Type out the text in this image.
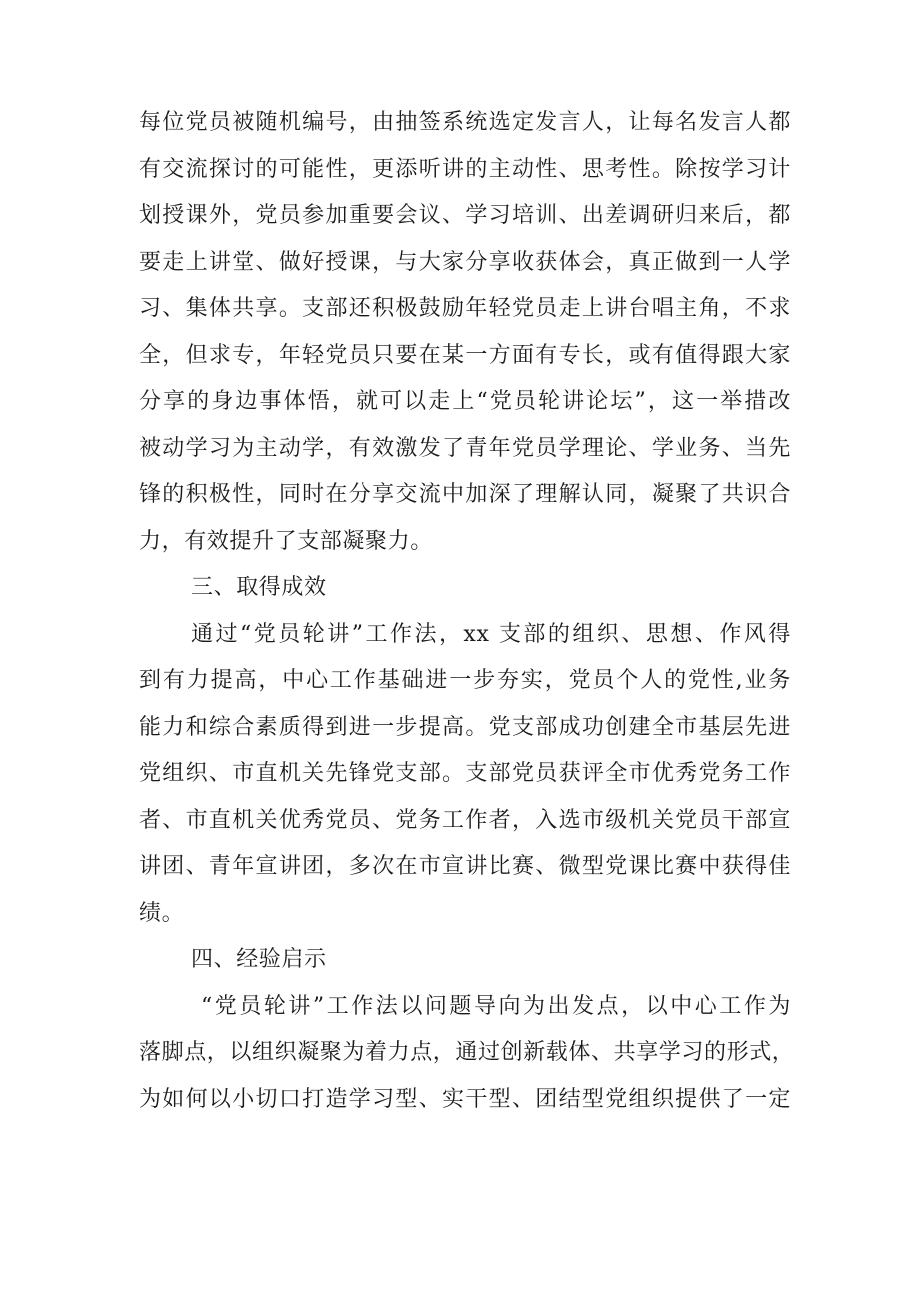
每位党员被随机编号，由抽签系统选定发言人，让每名发言人都
有交流探讨的可能性，更添听讲的主动性、思考性。除按学习计
划授课外，党员参加重要会议、学习培训、出差调研归来后，都
要走上讲堂、做好授课，与大家分享收获体会，真正做到一人学
习、集体共享。支部还积极鼓励年轻党员走上讲台唱主角，不求
全，但求专，年轻党员只要在某一方面有专长，或有值得跟大家
分享的身边事体悟，就可以走上“党员轮讲论坛”，这一举措改
被动学习为主动学，有效激发了青年党员学理论、学业务、当先
锋的积极性，同时在分享交流中加深了理解认同，凝聚了共识合
力，有效提升了支部凝聚力。
三、取得成效
通过“党员轮讲”工作法，xx 支部的组织、思想、作风得
到有力提高，中心工作基础进一步夯实，党员个人的党性,业务
能力和综合素质得到进一步提高。党支部成功创建全市基层先进
党组织、市直机关先锋党支部。支部党员获评全市优秀党务工作
者、市直机关优秀党员、党务工作者，入选市级机关党员干部宣
讲团、青年宣讲团，多次在市宣讲比赛、微型党课比赛中获得佳
绩。
四、经验启示
“党员轮讲”工作法以问题导向为出发点，以中心工作为
落脚点，以组织凝聚为着力点，通过创新载体、共享学习的形式，
为如何以小切口打造学习型、实干型、团结型党组织提供了一定
